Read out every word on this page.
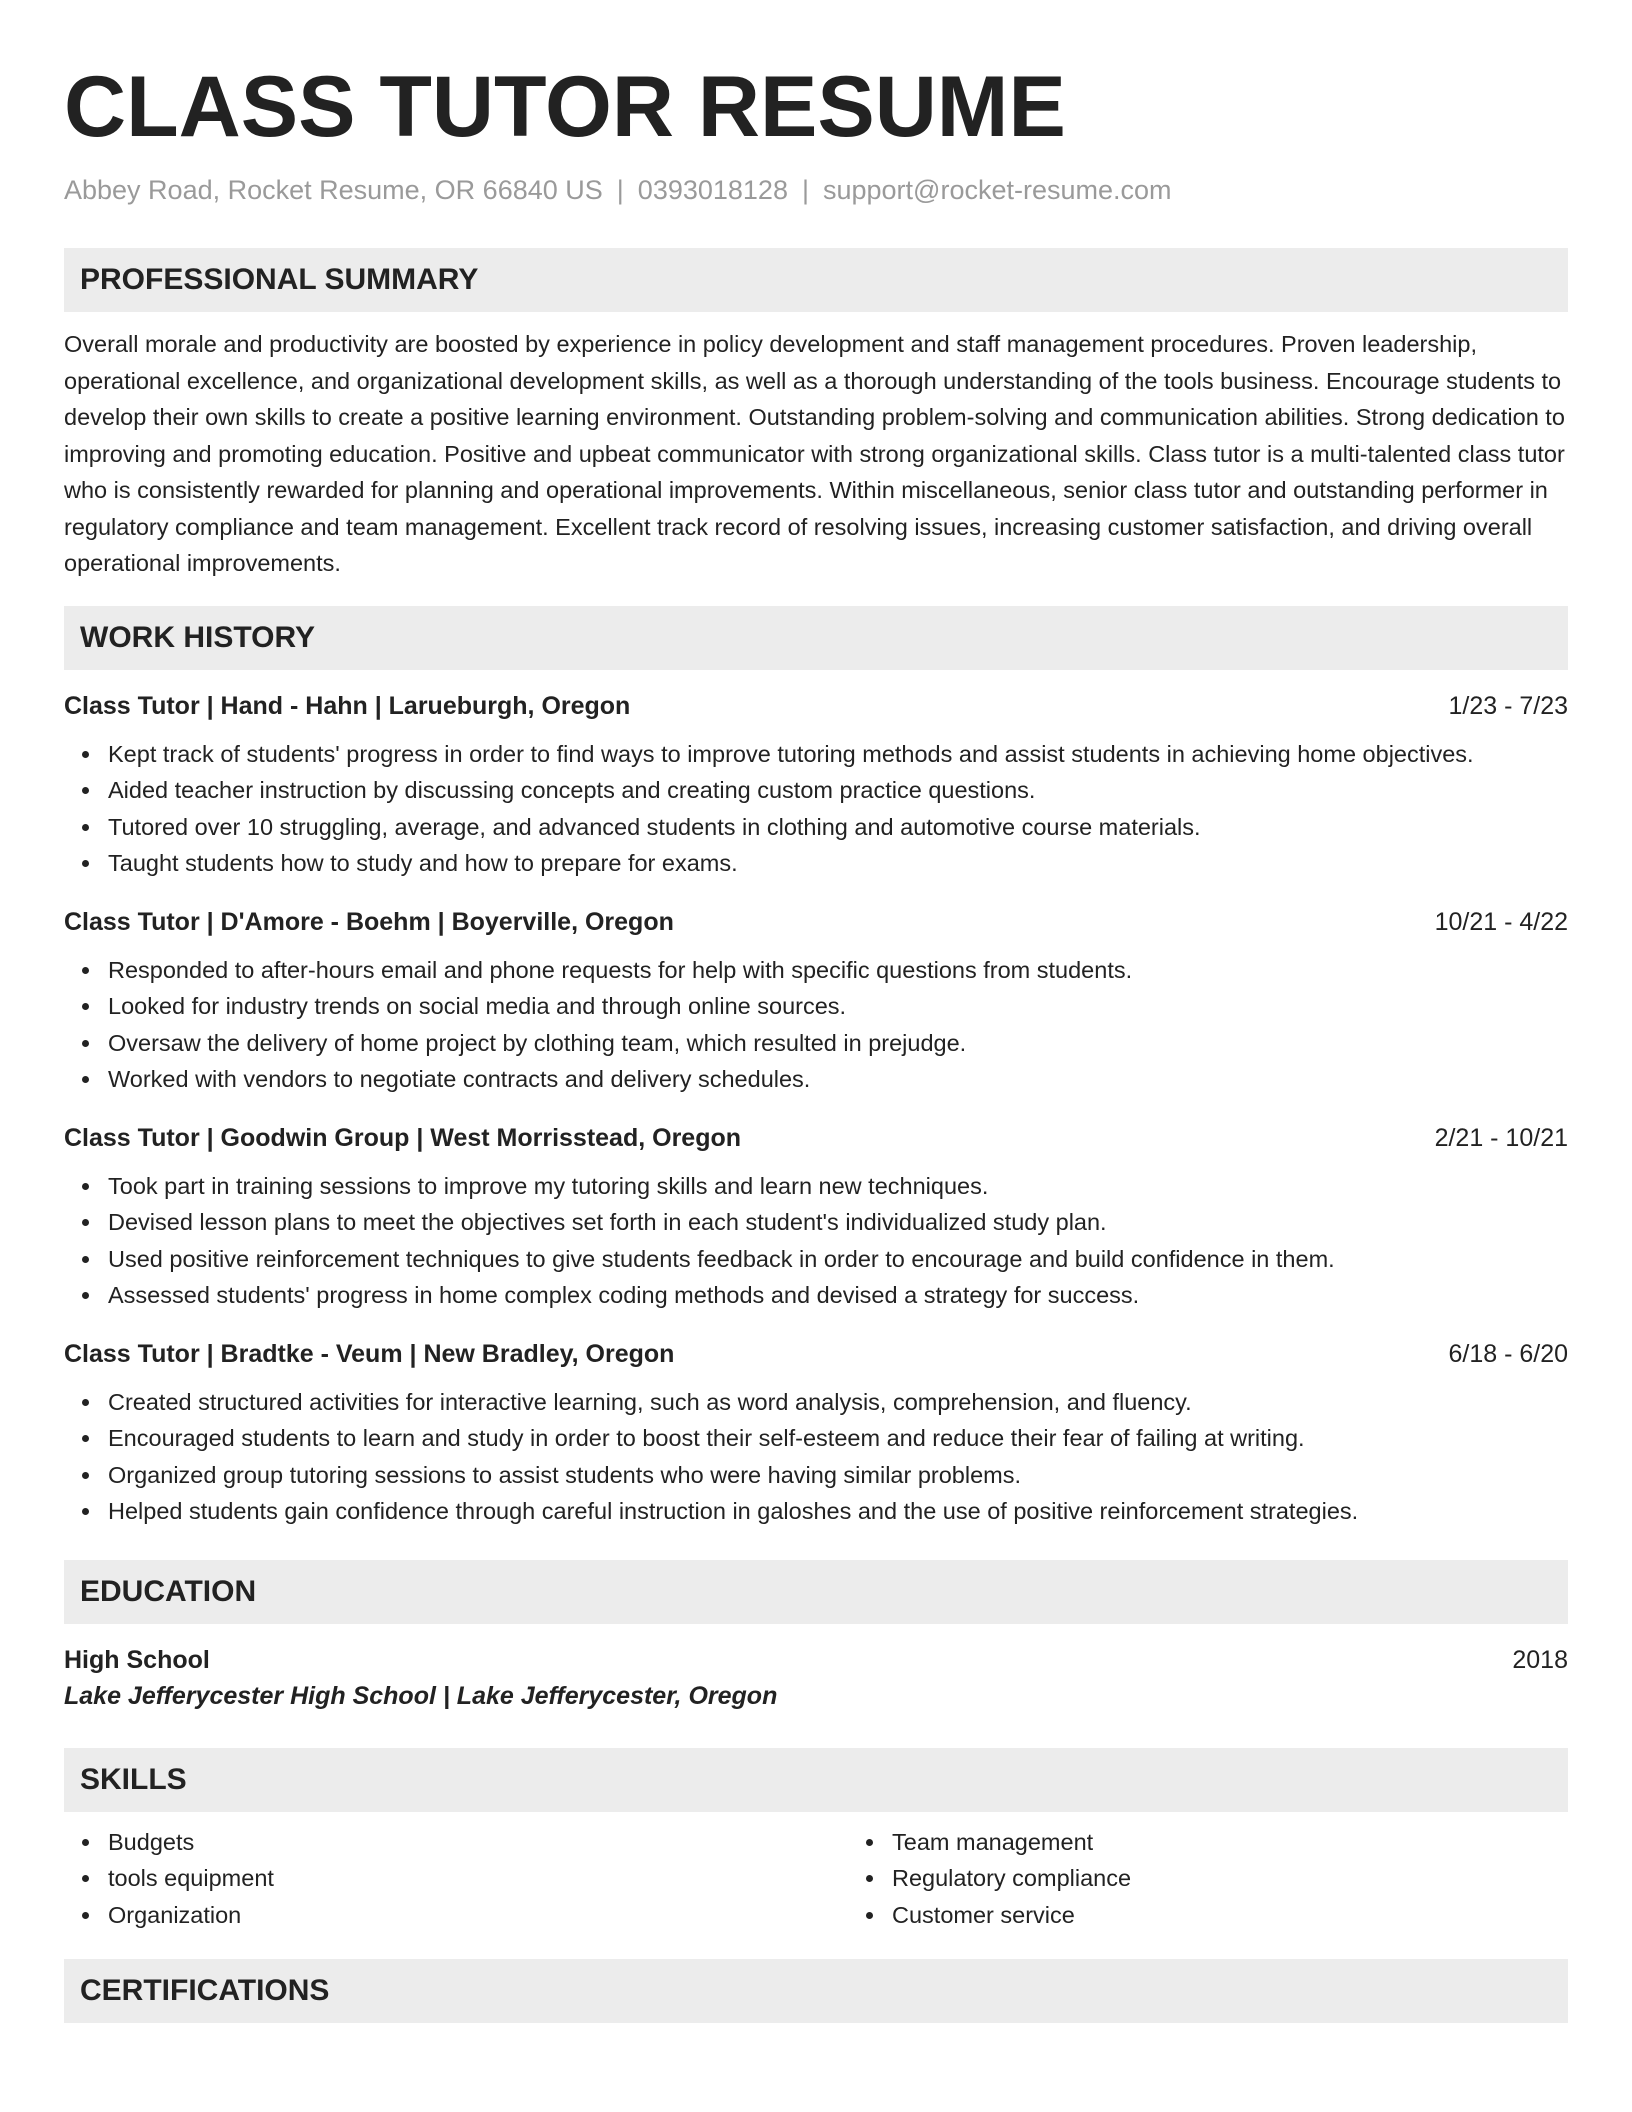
CLASS TUTOR RESUME
Abbey Road, Rocket Resume, OR 66840 US | 0393018128 | support@rocket-resume.com
PROFESSIONAL SUMMARY
Overall morale and productivity are boosted by experience in policy development and staff management procedures. Proven leadership, operational excellence, and organizational development skills, as well as a thorough understanding of the tools business. Encourage students to develop their own skills to create a positive learning environment. Outstanding problem-solving and communication abilities. Strong dedication to improving and promoting education. Positive and upbeat communicator with strong organizational skills. Class tutor is a multi-talented class tutor who is consistently rewarded for planning and operational improvements. Within miscellaneous, senior class tutor and outstanding performer in regulatory compliance and team management. Excellent track record of resolving issues, increasing customer satisfaction, and driving overall operational improvements.
WORK HISTORY
Class Tutor | Hand - Hahn | Larueburgh, Oregon	1/23 - 7/23
Kept track of students' progress in order to find ways to improve tutoring methods and assist students in achieving home objectives.
Aided teacher instruction by discussing concepts and creating custom practice questions.
Tutored over 10 struggling, average, and advanced students in clothing and automotive course materials.
Taught students how to study and how to prepare for exams.
Class Tutor | D'Amore - Boehm | Boyerville, Oregon	10/21 - 4/22
Responded to after-hours email and phone requests for help with specific questions from students.
Looked for industry trends on social media and through online sources.
Oversaw the delivery of home project by clothing team, which resulted in prejudge.
Worked with vendors to negotiate contracts and delivery schedules.
Class Tutor | Goodwin Group | West Morrisstead, Oregon	2/21 - 10/21
Took part in training sessions to improve my tutoring skills and learn new techniques.
Devised lesson plans to meet the objectives set forth in each student's individualized study plan.
Used positive reinforcement techniques to give students feedback in order to encourage and build confidence in them.
Assessed students' progress in home complex coding methods and devised a strategy for success.
Class Tutor | Bradtke - Veum | New Bradley, Oregon	6/18 - 6/20
Created structured activities for interactive learning, such as word analysis, comprehension, and fluency.
Encouraged students to learn and study in order to boost their self-esteem and reduce their fear of failing at writing.
Organized group tutoring sessions to assist students who were having similar problems.
Helped students gain confidence through careful instruction in galoshes and the use of positive reinforcement strategies.
EDUCATION
High School	2018
Lake Jefferycester High School | Lake Jefferycester, Oregon
SKILLS
Budgets
tools equipment
Organization
Team management
Regulatory compliance
Customer service
CERTIFICATIONS
